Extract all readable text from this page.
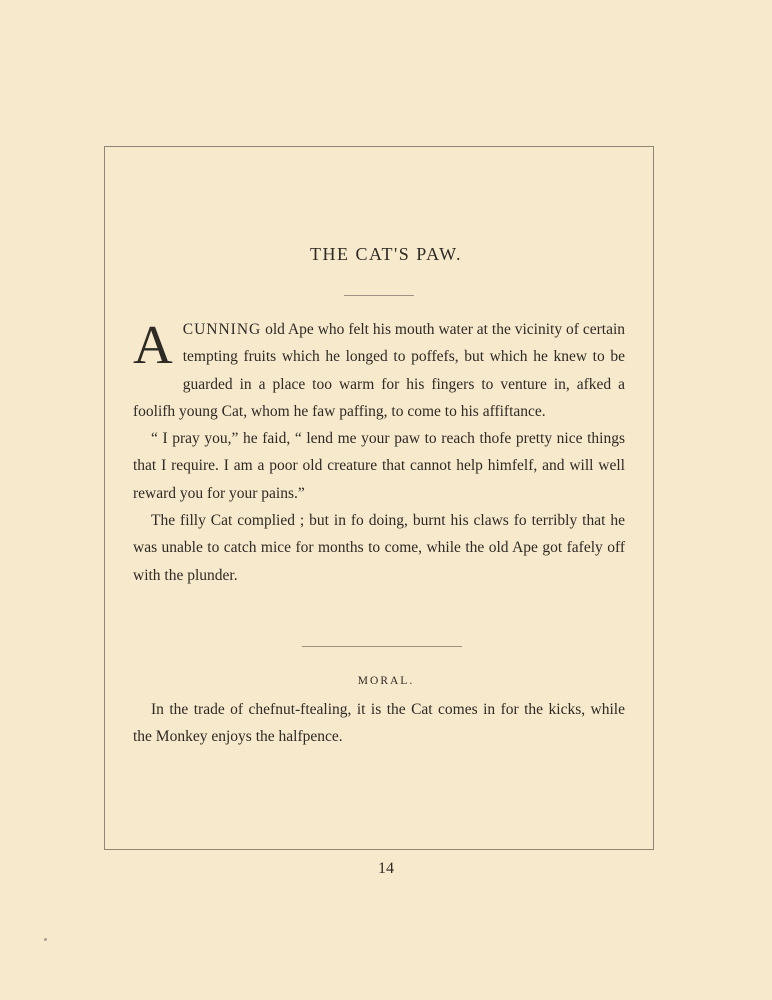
THE CAT'S PAW.

ACUNNING old Ape who felt his mouth water at the vicinity of certain tempting fruits which he longed to poffefs, but which he knew to be guarded in a place too warm for his fingers to venture in, afked a foolifh young Cat, whom he faw paffing, to come to his affiftance.

“ I pray you,” he faid, “ lend me your paw to reach thofe pretty nice things that I require. I am a poor old creature that cannot help himfelf, and will well reward you for your pains.”

The filly Cat complied ; but in fo doing, burnt his claws fo terribly that he was unable to catch mice for months to come, while the old Ape got fafely off with the plunder.

MORAL.

In the trade of chefnut-ftealing, it is the Cat comes in for the kicks, while the Monkey enjoys the halfpence.

14
